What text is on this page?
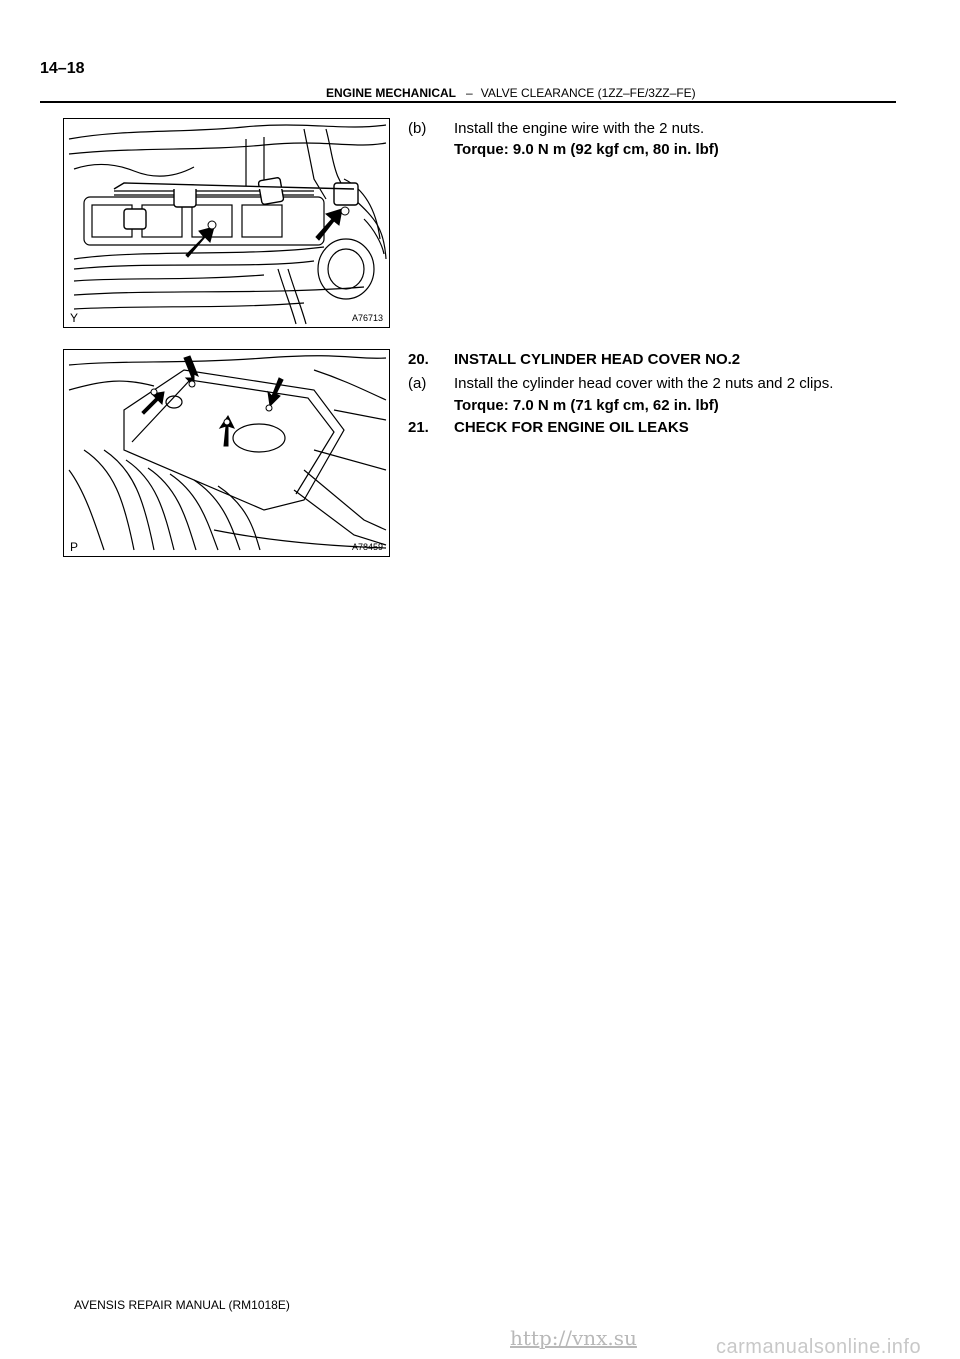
14–18
ENGINE MECHANICAL – VALVE CLEARANCE (1ZZ–FE/3ZZ–FE)
Y	A76713
P	A78459
(b) Install the engine wire with the 2 nuts.
Torque: 9.0 N m (92 kgf cm, 80 in. lbf)
20. INSTALL CYLINDER HEAD COVER NO.2
(a) Install the cylinder head cover with the 2 nuts and 2 clips.
Torque: 7.0 N m (71 kgf cm, 62 in. lbf)
21. CHECK FOR ENGINE OIL LEAKS
AVENSIS REPAIR MANUAL (RM1018E)
http://vnx.su	carmanualsonline.info
